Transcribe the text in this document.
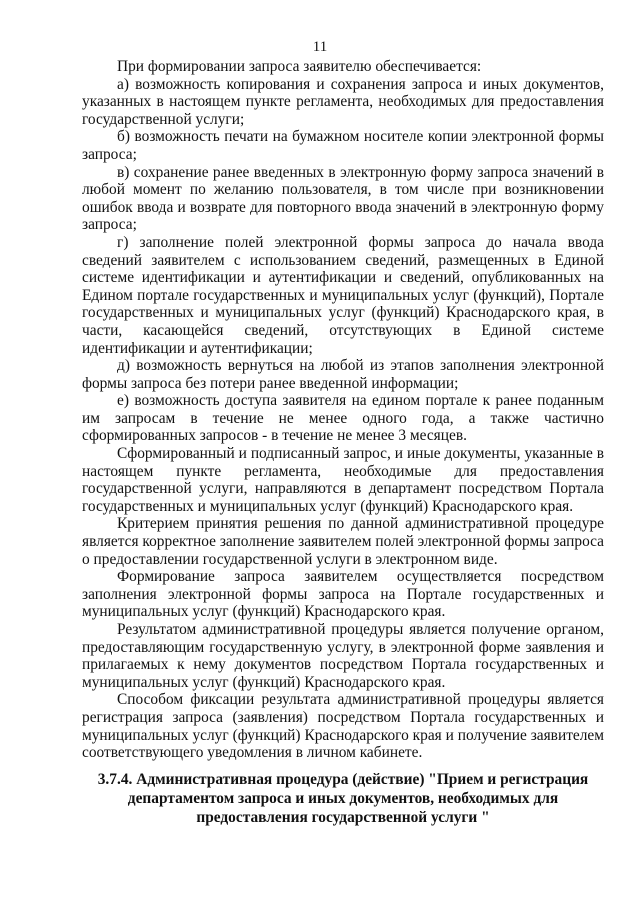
11

При формировании запроса заявителю обеспечивается:

а) возможность копирования и сохранения запроса и иных документов, указанных в настоящем пункте регламента, необходимых для предоставления государственной услуги;

б) возможность печати на бумажном носителе копии электронной формы запроса;

в) сохранение ранее введенных в электронную форму запроса значений в любой момент по желанию пользователя, в том числе при возникновении ошибок ввода и возврате для повторного ввода значений в электронную форму запроса;

г) заполнение полей электронной формы запроса до начала ввода сведений заявителем с использованием сведений, размещенных в Единой системе идентификации и аутентификации и сведений, опубликованных на Едином портале государственных и муниципальных услуг (функций), Портале государственных и муниципальных услуг (функций) Краснодарского края, в части, касающейся сведений, отсутствующих в Единой системе идентификации и аутентификации;

д) возможность вернуться на любой из этапов заполнения электронной формы запроса без потери ранее введенной информации;

е) возможность доступа заявителя на едином портале к ранее поданным им запросам в течение не менее одного года, а также частично сформированных запросов - в течение не менее 3 месяцев.

Сформированный и подписанный запрос, и иные документы, указанные в настоящем пункте регламента, необходимые для предоставления государственной услуги, направляются в департамент посредством Портала государственных и муниципальных услуг (функций) Краснодарского края.

Критерием принятия решения по данной административной процедуре является корректное заполнение заявителем полей электронной формы запроса о предоставлении государственной услуги в электронном виде.

Формирование запроса заявителем осуществляется посредством заполнения электронной формы запроса на Портале государственных и муниципальных услуг (функций) Краснодарского края.

Результатом административной процедуры является получение органом, предоставляющим государственную услугу, в электронной форме заявления и прилагаемых к нему документов посредством Портала государственных и муниципальных услуг (функций) Краснодарского края.

Способом фиксации результата административной процедуры является регистрация запроса (заявления) посредством Портала государственных и муниципальных услуг (функций) Краснодарского края и получение заявителем соответствующего уведомления в личном кабинете.

3.7.4. Административная процедура (действие) "Прием и регистрация департаментом запроса и иных документов, необходимых для предоставления государственной услуги "
